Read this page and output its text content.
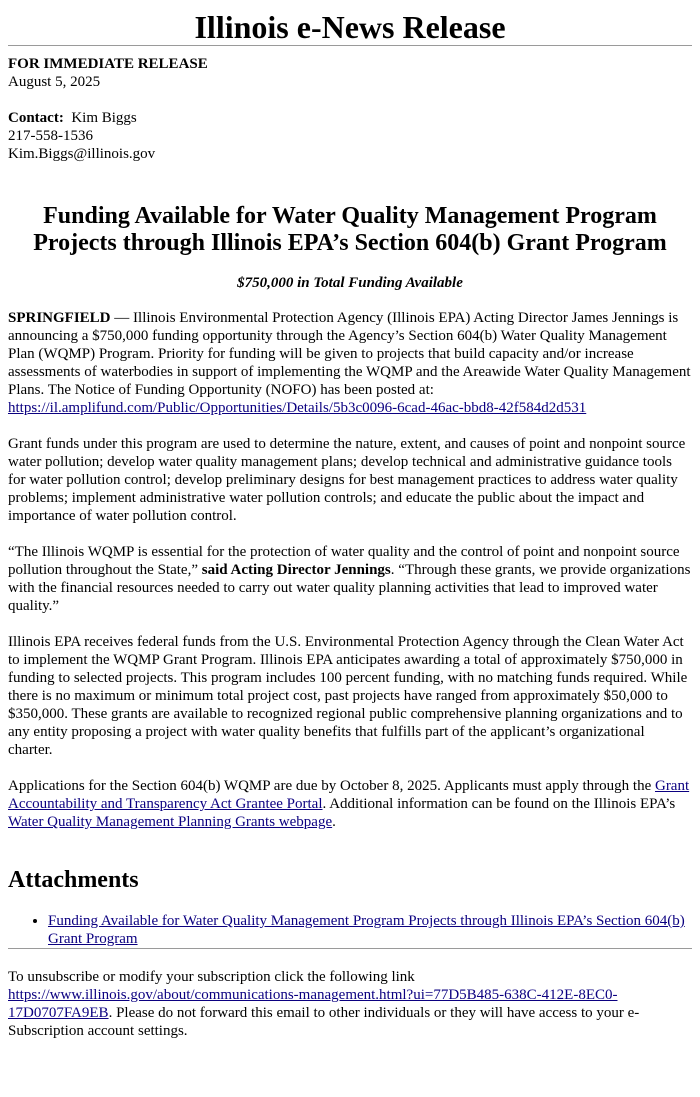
Illinois e-News Release

FOR IMMEDIATE RELEASE

August 5, 2025

Contact: Kim Biggs

217-558-1536

Kim.Biggs@illinois.gov

Funding Available for Water Quality Management Program Projects through Illinois EPA’s Section 604(b) Grant Program

$750,000 in Total Funding Available

SPRINGFIELD — Illinois Environmental Protection Agency (Illinois EPA) Acting Director James Jennings is announcing a $750,000 funding opportunity through the Agency’s Section 604(b) Water Quality Management Plan (WQMP) Program. Priority for funding will be given to projects that build capacity and/or increase assessments of waterbodies in support of implementing the WQMP and the Areawide Water Quality Management Plans. The Notice of Funding Opportunity (NOFO) has been posted at: https://il.amplifund.com/Public/Opportunities/Details/5b3c0096-6cad-46ac-bbd8-42f584d2d531

Grant funds under this program are used to determine the nature, extent, and causes of point and nonpoint source water pollution; develop water quality management plans; develop technical and administrative guidance tools for water pollution control; develop preliminary designs for best management practices to address water quality problems; implement administrative water pollution controls; and educate the public about the impact and importance of water pollution control.

“The Illinois WQMP is essential for the protection of water quality and the control of point and nonpoint source pollution throughout the State,” said Acting Director Jennings. “Through these grants, we provide organizations with the financial resources needed to carry out water quality planning activities that lead to improved water quality.”

Illinois EPA receives federal funds from the U.S. Environmental Protection Agency through the Clean Water Act to implement the WQMP Grant Program. Illinois EPA anticipates awarding a total of approximately $750,000 in funding to selected projects. This program includes 100 percent funding, with no matching funds required. While there is no maximum or minimum total project cost, past projects have ranged from approximately $50,000 to $350,000. These grants are available to recognized regional public comprehensive planning organizations and to any entity proposing a project with water quality benefits that fulfills part of the applicant’s organizational charter.

Applications for the Section 604(b) WQMP are due by October 8, 2025. Applicants must apply through the Grant Accountability and Transparency Act Grantee Portal. Additional information can be found on the Illinois EPA’s Water Quality Management Planning Grants webpage.

Attachments
• Funding Available for Water Quality Management Program Projects through Illinois EPA’s Section 604(b) Grant Program

To unsubscribe or modify your subscription click the following link https://www.illinois.gov/about/communications-management.html?ui=77D5B485-638C-412E-8EC0-17D0707FA9EB. Please do not forward this email to other individuals or they will have access to your e-Subscription account settings.
